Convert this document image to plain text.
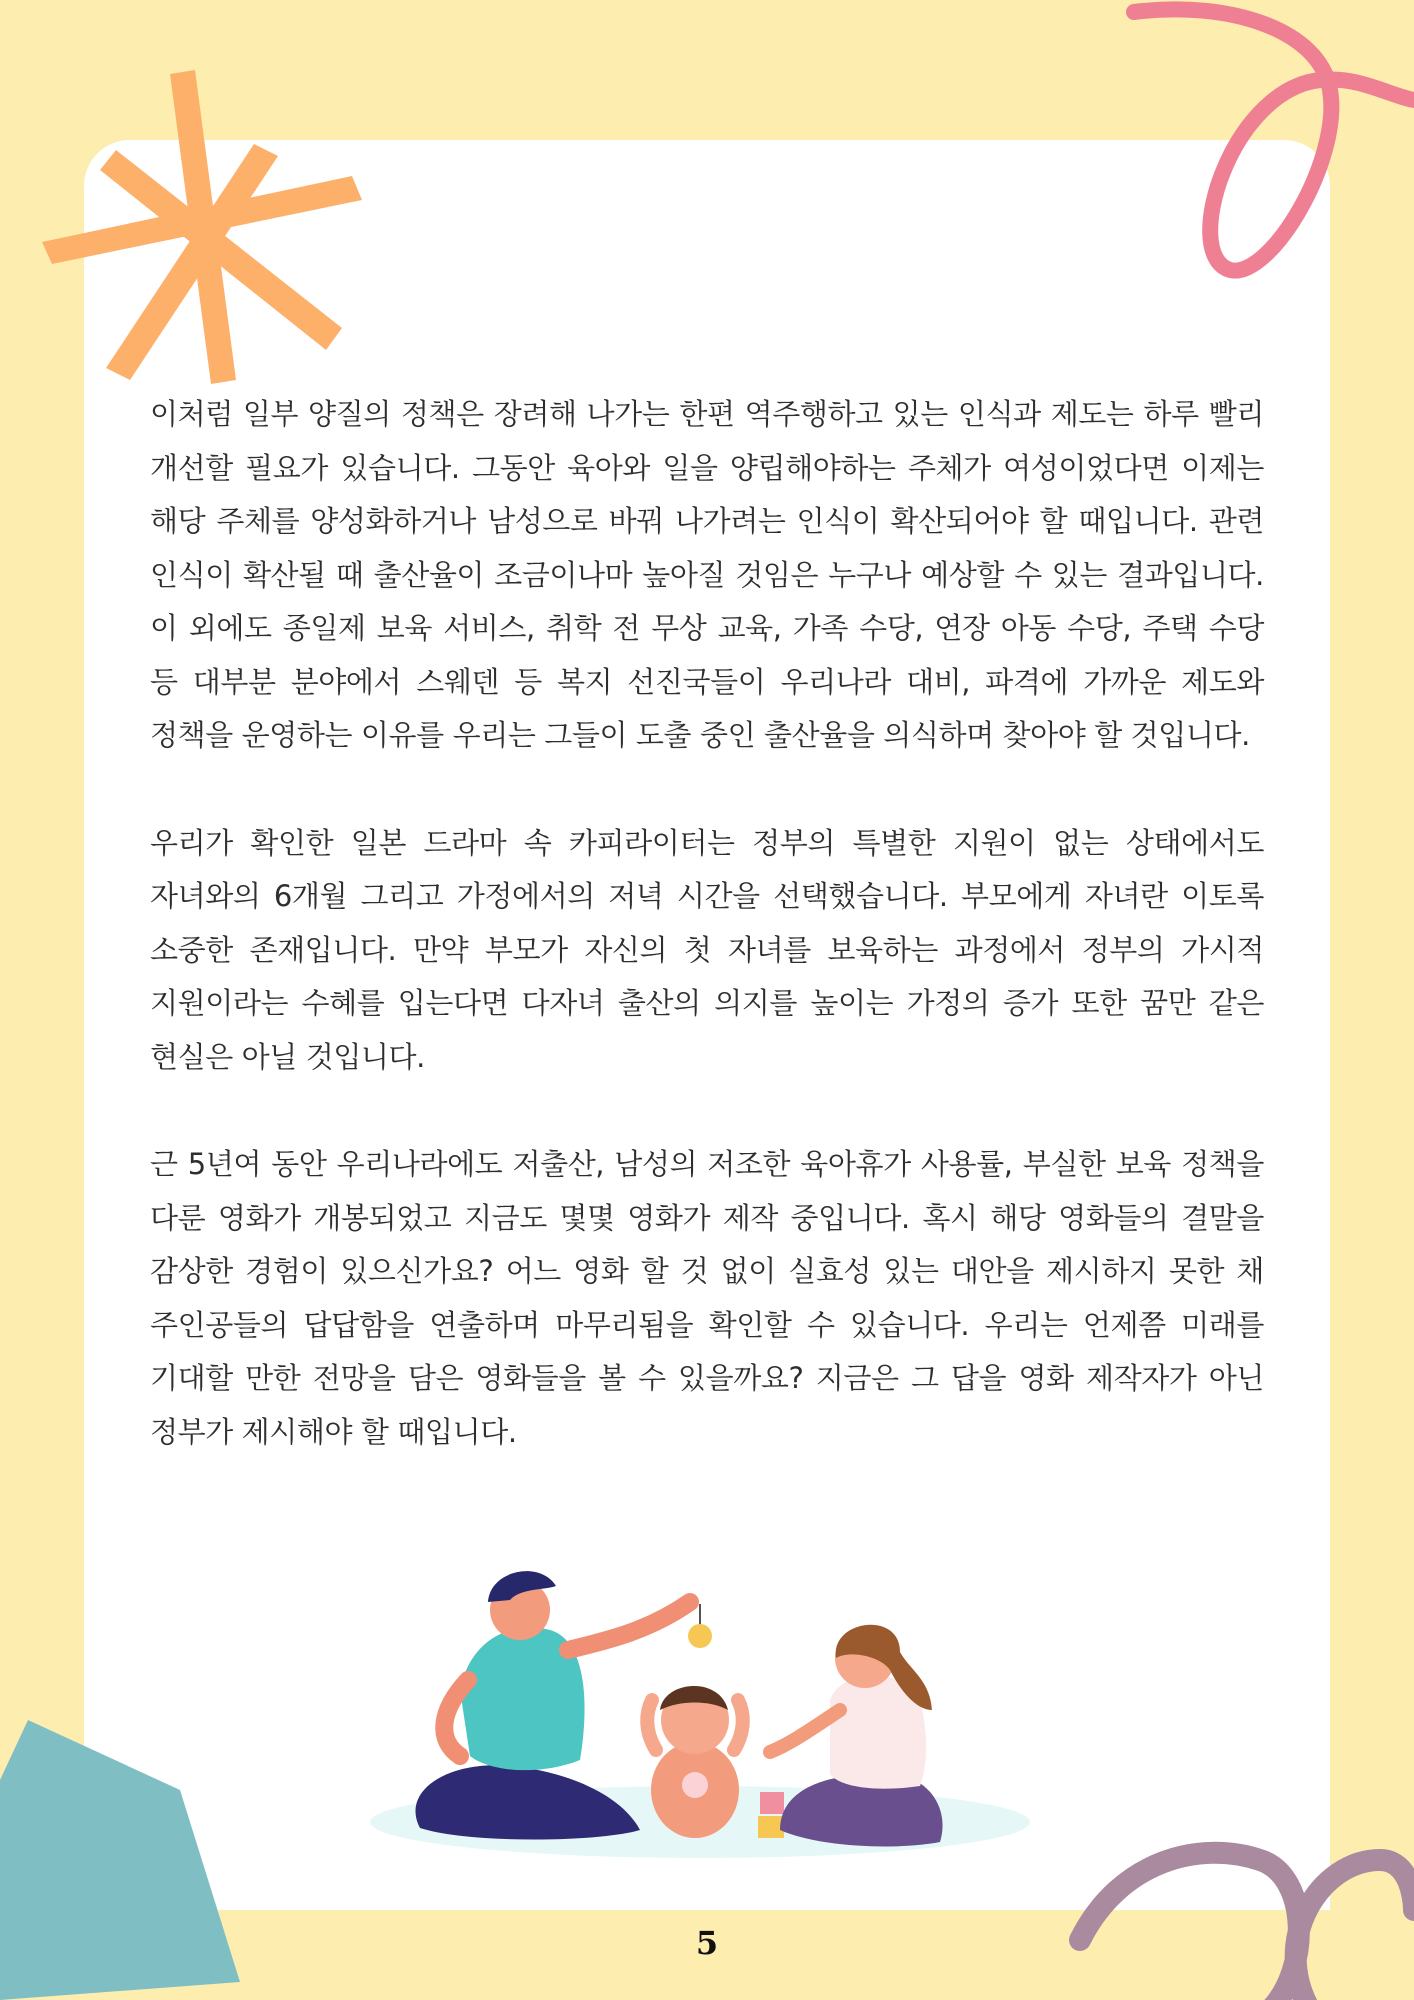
이처럼 일부 양질의 정책은 장려해 나가는 한편 역주행하고 있는 인식과 제도는 하루 빨리 개선할 필요가 있습니다. 그동안 육아와 일을 양립해야하는 주체가 여성이었다면 이제는 해당 주체를 양성화하거나 남성으로 바꿔 나가려는 인식이 확산되어야 할 때입니다. 관련 인식이 확산될 때 출산율이 조금이나마 높아질 것임은 누구나 예상할 수 있는 결과입니다. 이 외에도 종일제 보육 서비스, 취학 전 무상 교육, 가족 수당, 연장 아동 수당, 주택 수당 등 대부분 분야에서 스웨덴 등 복지 선진국들이 우리나라 대비, 파격에 가까운 제도와 정책을 운영하는 이유를 우리는 그들이 도출 중인 출산율을 의식하며 찾아야 할 것입니다.

우리가 확인한 일본 드라마 속 카피라이터는 정부의 특별한 지원이 없는 상태에서도 자녀와의 6개월 그리고 가정에서의 저녁 시간을 선택했습니다. 부모에게 자녀란 이토록 소중한 존재입니다. 만약 부모가 자신의 첫 자녀를 보육하는 과정에서 정부의 가시적 지원이라는 수혜를 입는다면 다자녀 출산의 의지를 높이는 가정의 증가 또한 꿈만 같은 현실은 아닐 것입니다.

근 5년여 동안 우리나라에도 저출산, 남성의 저조한 육아휴가 사용률, 부실한 보육 정책을 다룬 영화가 개봉되었고 지금도 몇몇 영화가 제작 중입니다. 혹시 해당 영화들의 결말을 감상한 경험이 있으신가요? 어느 영화 할 것 없이 실효성 있는 대안을 제시하지 못한 채 주인공들의 답답함을 연출하며 마무리됨을 확인할 수 있습니다. 우리는 언제쯤 미래를 기대할 만한 전망을 담은 영화들을 볼 수 있을까요? 지금은 그 답을 영화 제작자가 아닌 정부가 제시해야 할 때입니다.

5
